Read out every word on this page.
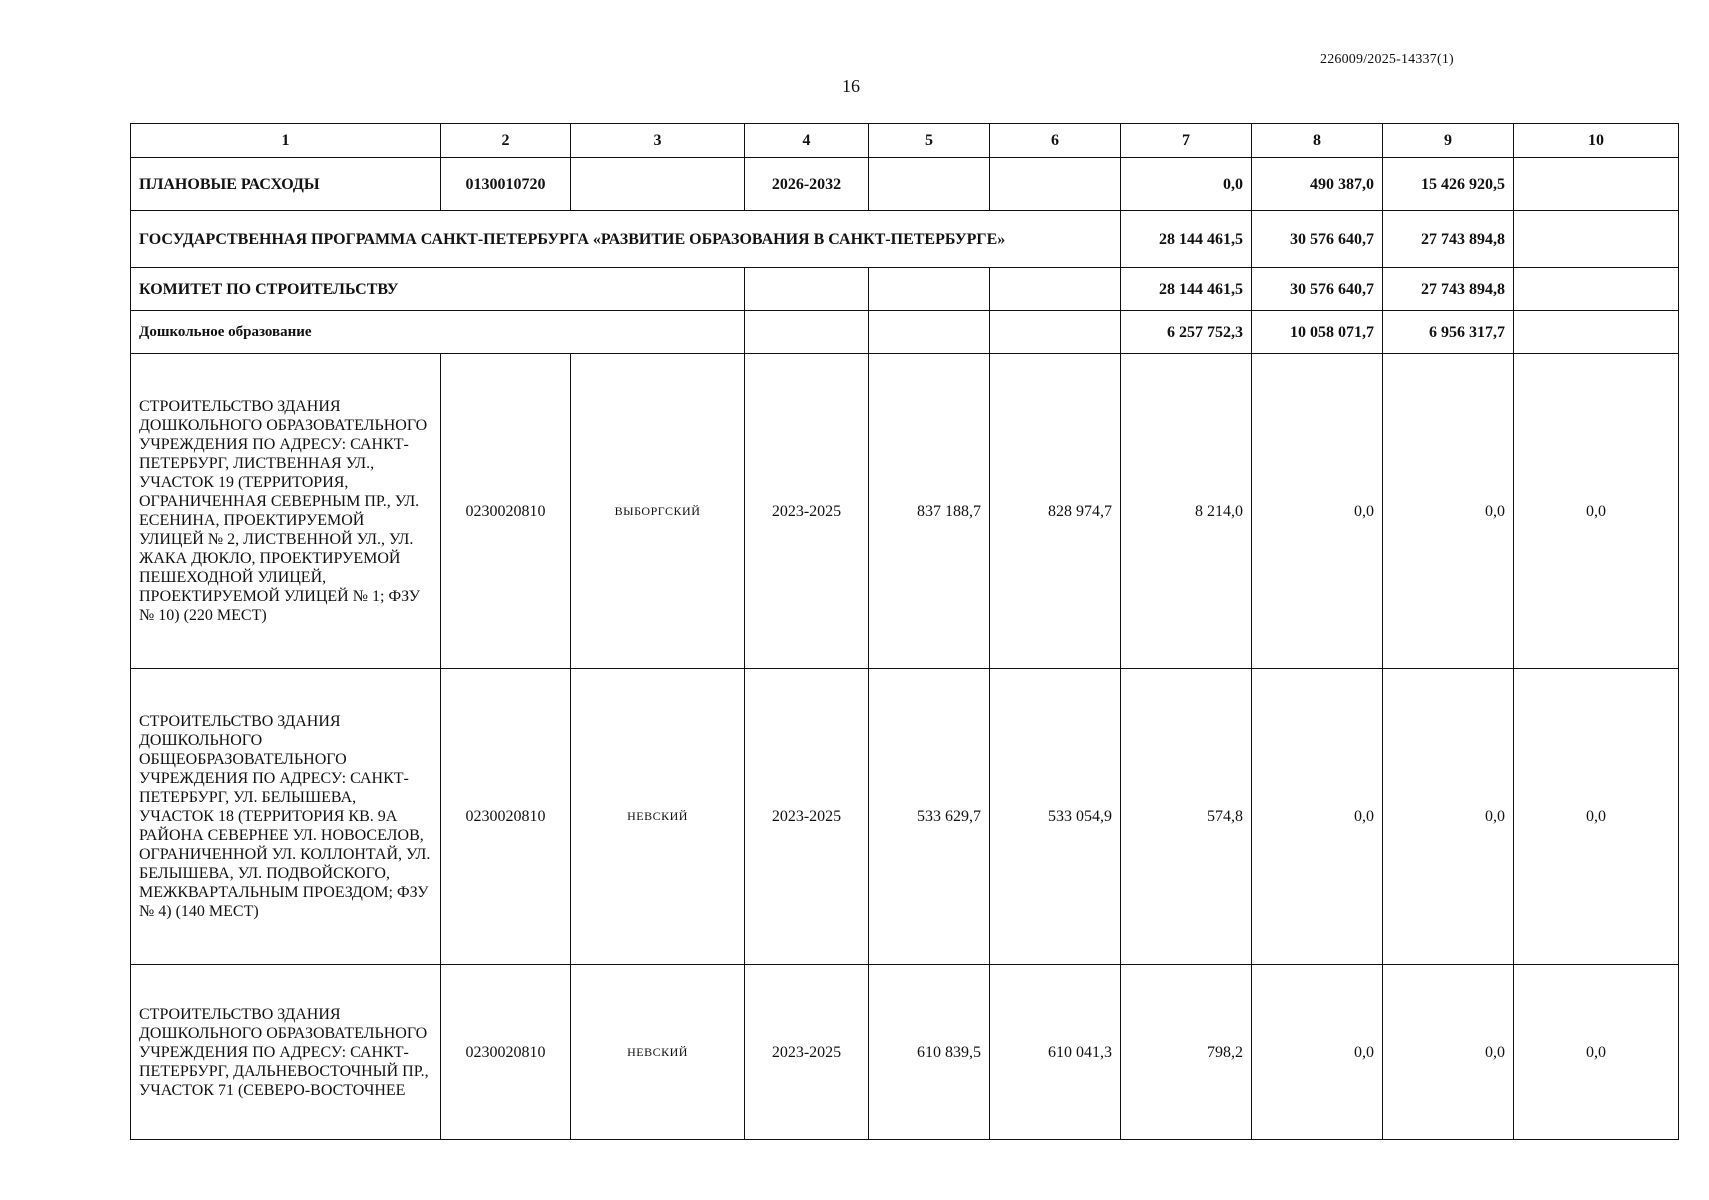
226009/2025-14337(1)
16
1	2	3	4	5	6	7	8	9	10
ПЛАНОВЫЕ РАСХОДЫ	0130010720		2026-2032			0,0	490 387,0	15 426 920,5	
ГОСУДАРСТВЕННАЯ ПРОГРАММА САНКТ-ПЕТЕРБУРГА «РАЗВИТИЕ ОБРАЗОВАНИЯ В САНКТ-ПЕТЕРБУРГЕ»						28 144 461,5	30 576 640,7	27 743 894,8	
КОМИТЕТ ПО СТРОИТЕЛЬСТВУ						28 144 461,5	30 576 640,7	27 743 894,8	
Дошкольное образование						6 257 752,3	10 058 071,7	6 956 317,7	
СТРОИТЕЛЬСТВО ЗДАНИЯ ДОШКОЛЬНОГО ОБРАЗОВАТЕЛЬНОГО УЧРЕЖДЕНИЯ ПО АДРЕСУ: САНКТ-ПЕТЕРБУРГ, ЛИСТВЕННАЯ УЛ., УЧАСТОК 19 (ТЕРРИТОРИЯ, ОГРАНИЧЕННАЯ СЕВЕРНЫМ ПР., УЛ. ЕСЕНИНА, ПРОЕКТИРУЕМОЙ УЛИЦЕЙ № 2, ЛИСТВЕННОЙ УЛ., УЛ. ЖАКА ДЮКЛО, ПРОЕКТИРУЕМОЙ ПЕШЕХОДНОЙ УЛИЦЕЙ, ПРОЕКТИРУЕМОЙ УЛИЦЕЙ № 1; ФЗУ № 10) (220 МЕСТ)	0230020810	ВЫБОРГСКИЙ	2023-2025	837 188,7	828 974,7	8 214,0	0,0	0,0	0,0
СТРОИТЕЛЬСТВО ЗДАНИЯ ДОШКОЛЬНОГО ОБЩЕОБРАЗОВАТЕЛЬНОГО УЧРЕЖДЕНИЯ ПО АДРЕСУ: САНКТ-ПЕТЕРБУРГ, УЛ. БЕЛЫШЕВА, УЧАСТОК 18 (ТЕРРИТОРИЯ КВ. 9А РАЙОНА СЕВЕРНЕЕ УЛ. НОВОСЕЛОВ, ОГРАНИЧЕННОЙ УЛ. КОЛЛОНТАЙ, УЛ. БЕЛЫШЕВА, УЛ. ПОДВОЙСКОГО, МЕЖКВАРТАЛЬНЫМ ПРОЕЗДОМ; ФЗУ № 4) (140 МЕСТ)	0230020810	НЕВСКИЙ	2023-2025	533 629,7	533 054,9	574,8	0,0	0,0	0,0
СТРОИТЕЛЬСТВО ЗДАНИЯ ДОШКОЛЬНОГО ОБРАЗОВАТЕЛЬНОГО УЧРЕЖДЕНИЯ ПО АДРЕСУ: САНКТ-ПЕТЕРБУРГ, ДАЛЬНЕВОСТОЧНЫЙ ПР., УЧАСТОК 71 (СЕВЕРО-ВОСТОЧНЕЕ	0230020810	НЕВСКИЙ	2023-2025	610 839,5	610 041,3	798,2	0,0	0,0	0,0
